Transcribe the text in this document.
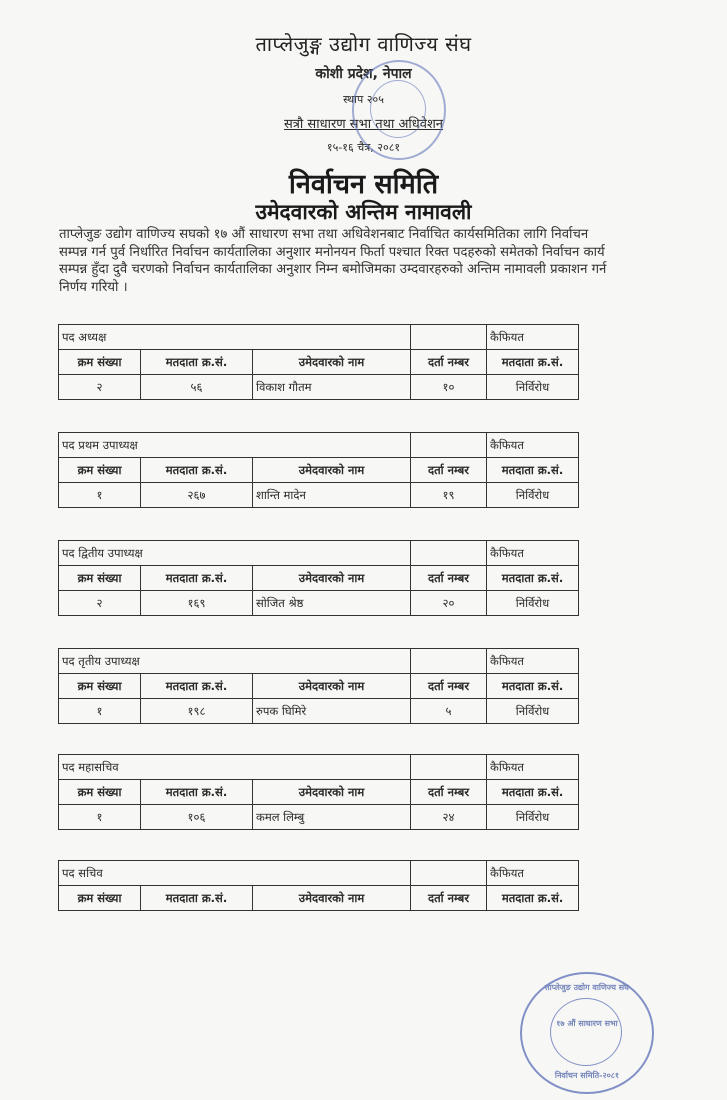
ताप्लेजुङ्ग उद्योग वाणिज्य संघ
कोशी प्रदेश, नेपाल
स्थाप २०५
सत्रौ साधारण सभा तथा अधिवेशन
१५-१६ चैत्र, २०८१
निर्वाचन समिति
उमेदवारको अन्तिम नामावली
ताप्लेजुङ उद्योग वाणिज्य सघको १७ औं साधारण सभा तथा अधिवेशनबाट निर्वाचित कार्यसमितिका लागि निर्वाचन सम्पन्न गर्न पुर्व निर्धारित निर्वाचन कार्यतालिका अनुशार मनोनयन फिर्ता पश्चात रिक्त पदहरुको समेतको निर्वाचन कार्य सम्पन्न हुँदा दुवै चरणको निर्वाचन कार्यतालिका अनुशार निम्न बमोजिमका उम्दवारहरुको अन्तिम नामावली प्रकाशन गर्न निर्णय गरियो ।
पद अध्यक्ष				कैफियत
क्रम संख्या	मतदाता क्र.सं.	उमेदवारको नाम	दर्ता नम्बर	मतदाता क्र.सं.
२	५६	विकाश गौतम	१०	निर्विरोध
पद प्रथम उपाध्यक्ष				कैफियत
क्रम संख्या	मतदाता क्र.सं.	उमेदवारको नाम	दर्ता नम्बर	मतदाता क्र.सं.
१	२६७	शान्ति मादेन	१९	निर्विरोध
पद द्वितीय उपाध्यक्ष				कैफियत
क्रम संख्या	मतदाता क्र.सं.	उमेदवारको नाम	दर्ता नम्बर	मतदाता क्र.सं.
२	१६९	सोजित श्रेष्ठ	२०	निर्विरोध
पद तृतीय उपाध्यक्ष				कैफियत
क्रम संख्या	मतदाता क्र.सं.	उमेदवारको नाम	दर्ता नम्बर	मतदाता क्र.सं.
१	१९८	रुपक घिमिरे	५	निर्विरोध
पद महासचिव				कैफियत
क्रम संख्या	मतदाता क्र.सं.	उमेदवारको नाम	दर्ता नम्बर	मतदाता क्र.सं.
१	१०६	कमल लिम्बु	२४	निर्विरोध
पद सचिव				कैफियत
क्रम संख्या	मतदाता क्र.सं.	उमेदवारको नाम	दर्ता नम्बर	मतदाता क्र.सं.
ताप्लेजुङ उद्योग वाणिज्य संघ
१७ औं साधारण सभा
निर्वाचन समिति-२०८१
